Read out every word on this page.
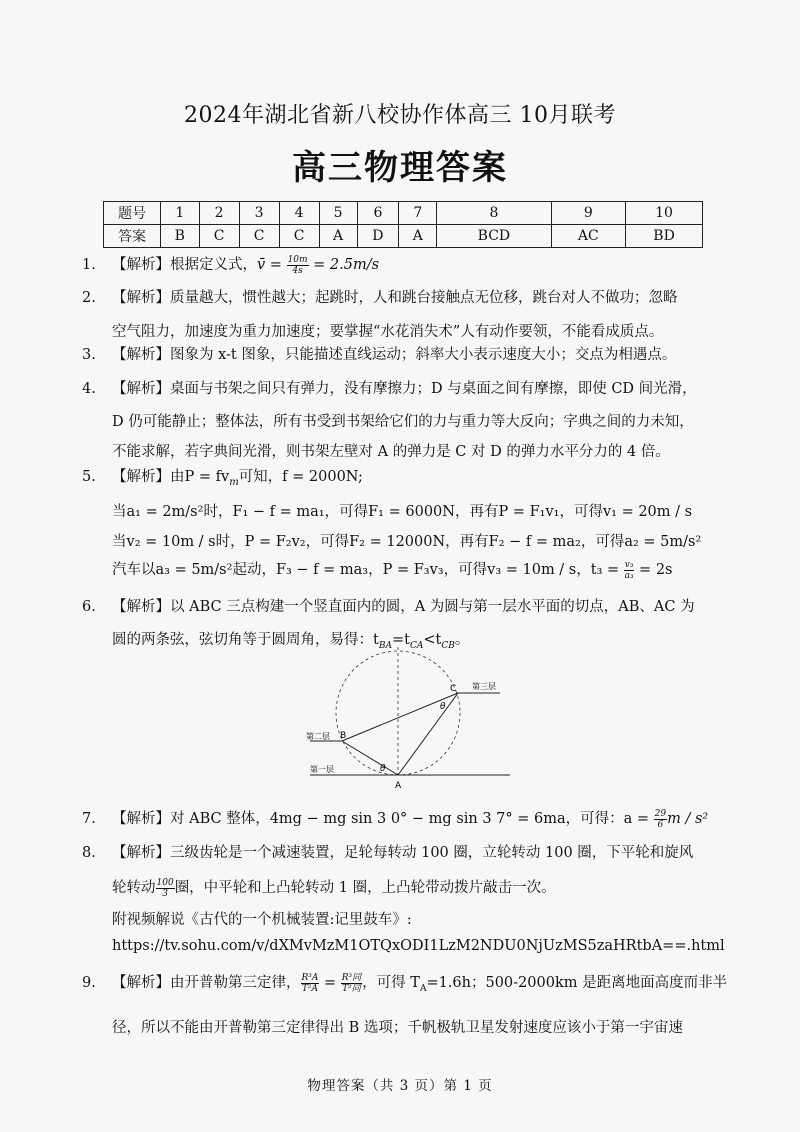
2024年湖北省新八校协作体高三 10月联考
高三物理答案
题号	1	2	3	4	5	6	7	8	9	10
答案	B	C	C	C	A	D	A	BCD	AC	BD
1.	【解析】根据定义式，v̄ = $\frac{10m}{4s} = 2.5m/s$
2.	【解析】质量越大，惯性越大；起跳时，人和跳台接触点无位移，跳台对人不做功；忽略
空气阻力，加速度为重力加速度；要掌握“水花消失术”人有动作要领，不能看成质点。
3.	【解析】图象为 x-t 图象，只能描述直线运动；斜率大小表示速度大小；交点为相遇点。
4.	【解析】桌面与书架之间只有弹力，没有摩擦力；D 与桌面之间有摩擦，即使 CD 间光滑，
D 仍可能静止；整体法，所有书受到书架给它们的力与重力等大反向；字典之间的力未知，
不能求解，若字典间光滑，则书架左壁对 A 的弹力是 C 对 D 的弹力水平分力的 4 倍。
5.	【解析】由$P = fv_m$可知，f = 2000N;
当a₁ = 2m/s²时，F₁ − f = ma₁，可得F₁ = 6000N，再有P = F₁v₁，可得v₁ = 20m / s
当v₂ = 10m / s时，P = F₂v₂，可得F₂ = 12000N，再有F₂ − f = ma₂，可得a₂ = 5m/s²
汽车以a₃ = 5m/s²起动，F₃ − f = ma₃，P = F₃v₃，可得v₃ = 10m / s，$t_3 = \frac{\text{v₃}}{\text{a₃}} = 2s$
6.	【解析】以 ABC 三点构建一个竖直面内的圆，A 为圆与第一层水平面的切点，AB、AC 为
圆的两条弦，弦切角等于圆周角，易得：$t_{BA}=t_{CA}<t_{CB}$。
C
B
A
θ
θ
第一层
第二层
第三层
7.	【解析】对 ABC 整体，4mg − mg sin 3 0° − mg sin 3 7° = 6ma，可得：$a = \frac{29}{6}$ m / s²
8.	【解析】三级齿轮是一个减速装置，足轮每转动 100 圈，立轮转动 100 圈，下平轮和旋风
轮转动 $\frac{100}{3}$ 圈，中平轮和上凸轮转动 1 圈，上凸轮带动拨片敲击一次。
附视频解说《古代的一个机械装置:记里鼓车》:
https://tv.sohu.com/v/dXMvMzM1OTQxODI1LzM2NDU0NjUzMS5zaHRtbA==.html
9.	【解析】由开普勒第三定律， $\frac{\text{R³A}}{\text{T²A}} = \frac{\text{R³同}}{\text{T²同}}$ ，可得 $T_A=1.6h$；500-2000km 是距离地面高度而非半
径，所以不能由开普勒第三定律得出 B 选项；千帆极轨卫星发射速度应该小于第一宇宙速
物理答案（共 3 页）第 1 页
